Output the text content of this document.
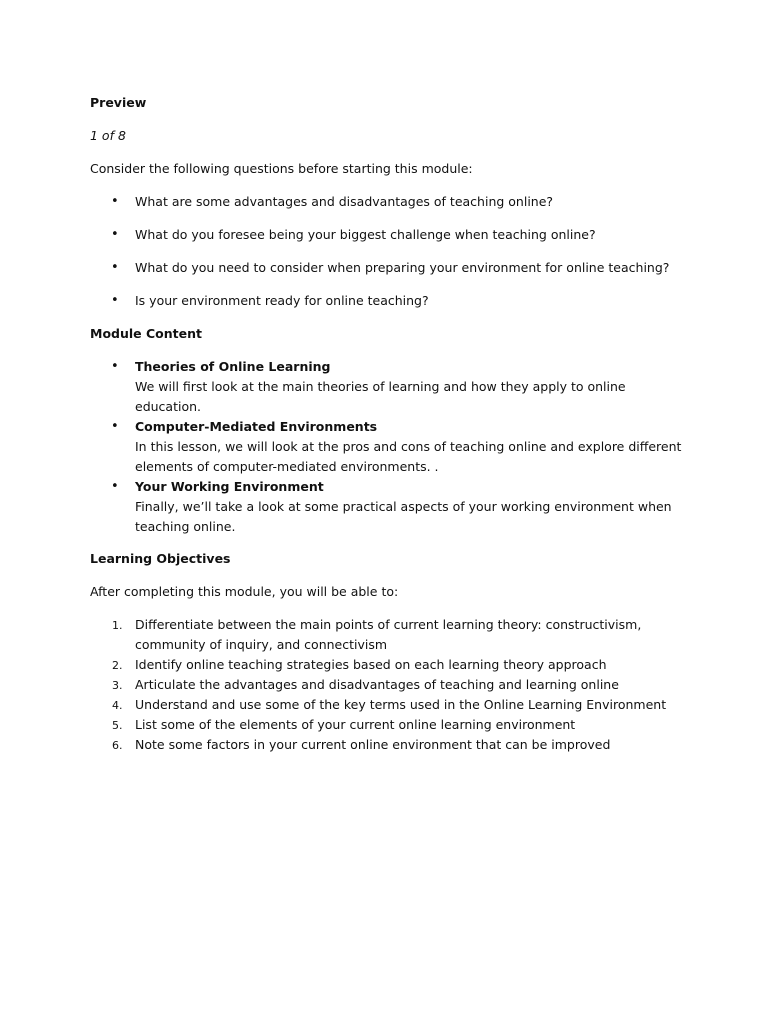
Preview

1 of 8

Consider the following questions before starting this module:

• What are some advantages and disadvantages of teaching online?
• What do you foresee being your biggest challenge when teaching online?
• What do you need to consider when preparing your environment for online teaching?
• Is your environment ready for online teaching?

Module Content

• Theories of Online Learning
We will first look at the main theories of learning and how they apply to online education.
• Computer-Mediated Environments
In this lesson, we will look at the pros and cons of teaching online and explore different elements of computer-mediated environments. .
• Your Working Environment
Finally, we’ll take a look at some practical aspects of your working environment when teaching online.

Learning Objectives

After completing this module, you will be able to:

1. Differentiate between the main points of current learning theory: constructivism, community of inquiry, and connectivism
2. Identify online teaching strategies based on each learning theory approach
3. Articulate the advantages and disadvantages of teaching and learning online
4. Understand and use some of the key terms used in the Online Learning Environment
5. List some of the elements of your current online learning environment
6. Note some factors in your current online environment that can be improved
